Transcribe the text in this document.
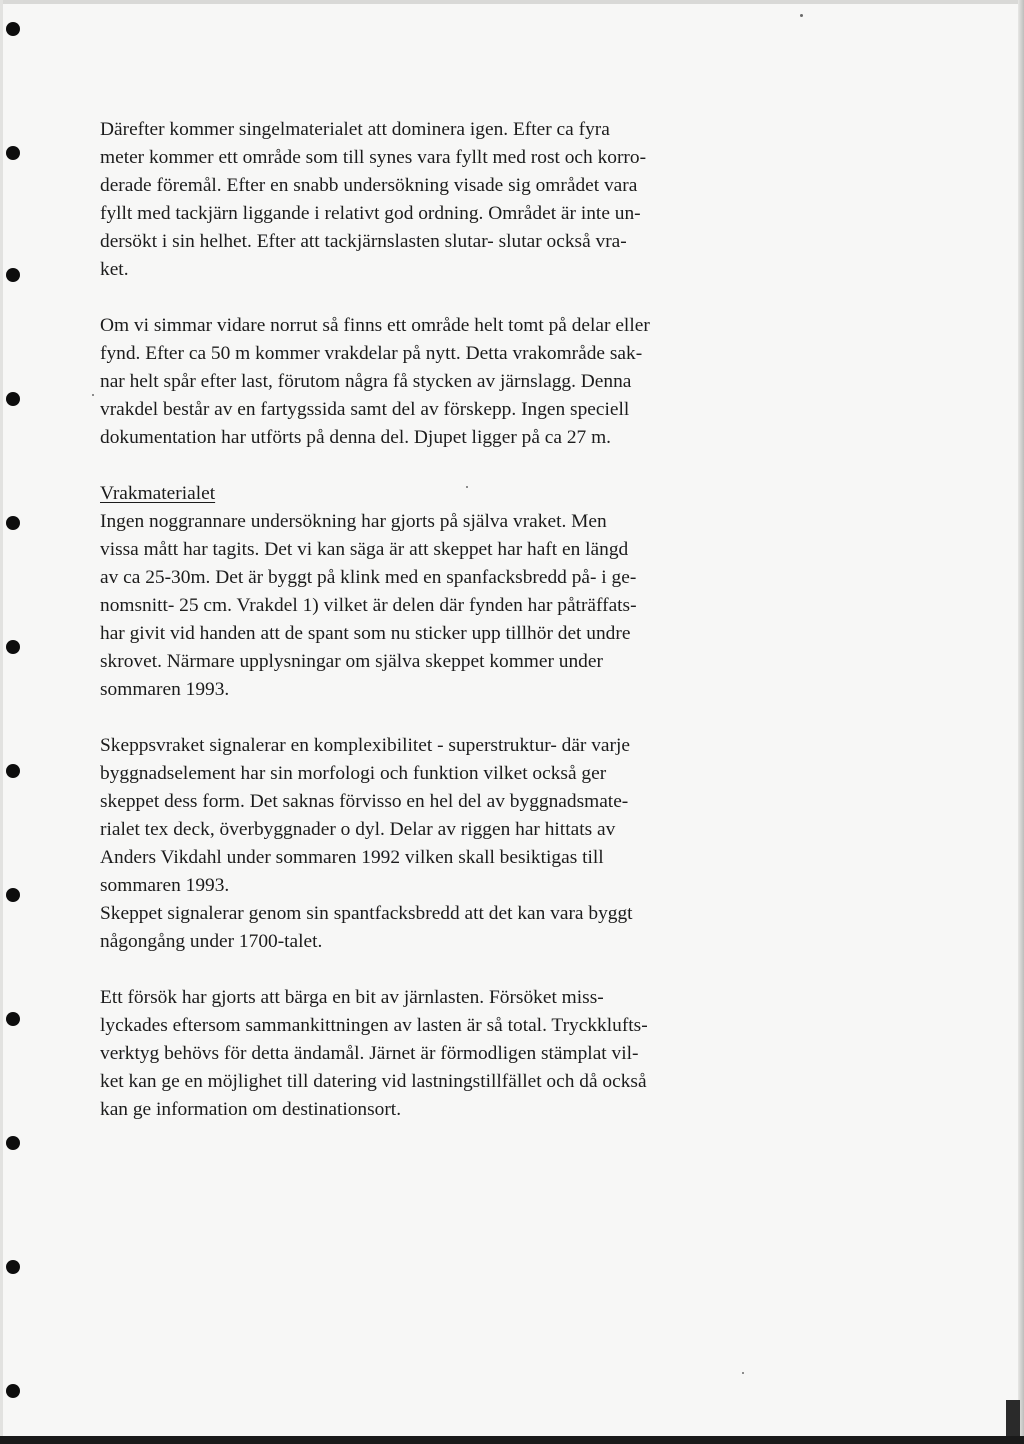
Därefter kommer singelmaterialet att dominera igen. Efter ca fyra
meter kommer ett område som till synes vara fyllt med rost och korro-
derade föremål. Efter en snabb undersökning visade sig området vara
fyllt med tackjärn liggande i relativt god ordning. Området är inte un-
dersökt i sin helhet. Efter att tackjärnslasten slutar- slutar också vra-
ket.
Om vi simmar vidare norrut så finns ett område helt tomt på delar eller
fynd. Efter ca 50 m kommer vrakdelar på nytt. Detta vrakområde sak-
nar helt spår efter last, förutom några få stycken av järnslagg. Denna
vrakdel består av en fartygssida samt del av förskepp. Ingen speciell
dokumentation har utförts på denna del. Djupet ligger på ca 27 m.
Vrakmaterialet
Ingen noggrannare undersökning har gjorts på själva vraket. Men
vissa mått har tagits. Det vi kan säga är att skeppet har haft en längd
av ca 25-30m. Det är byggt på klink med en spanfacksbredd på- i ge-
nomsnitt- 25 cm. Vrakdel 1) vilket är delen där fynden har påträffats-
har givit vid handen att de spant som nu sticker upp tillhör det undre
skrovet. Närmare upplysningar om själva skeppet kommer under
sommaren 1993.
Skeppsvraket signalerar en komplexibilitet - superstruktur- där varje
byggnadselement har sin morfologi och funktion vilket också ger
skeppet dess form. Det saknas förvisso en hel del av byggnadsmate-
rialet tex deck, överbyggnader o dyl. Delar av riggen har hittats av
Anders Vikdahl under sommaren 1992 vilken skall besiktigas till
sommaren 1993.
Skeppet signalerar genom sin spantfacksbredd att det kan vara byggt
någongång under 1700-talet.
Ett försök har gjorts att bärga en bit av järnlasten. Försöket miss-
lyckades eftersom sammankittningen av lasten är så total. Tryckklufts-
verktyg behövs för detta ändamål. Järnet är förmodligen stämplat vil-
ket kan ge en möjlighet till datering vid lastningstillfället och då också
kan ge information om destinationsort.
